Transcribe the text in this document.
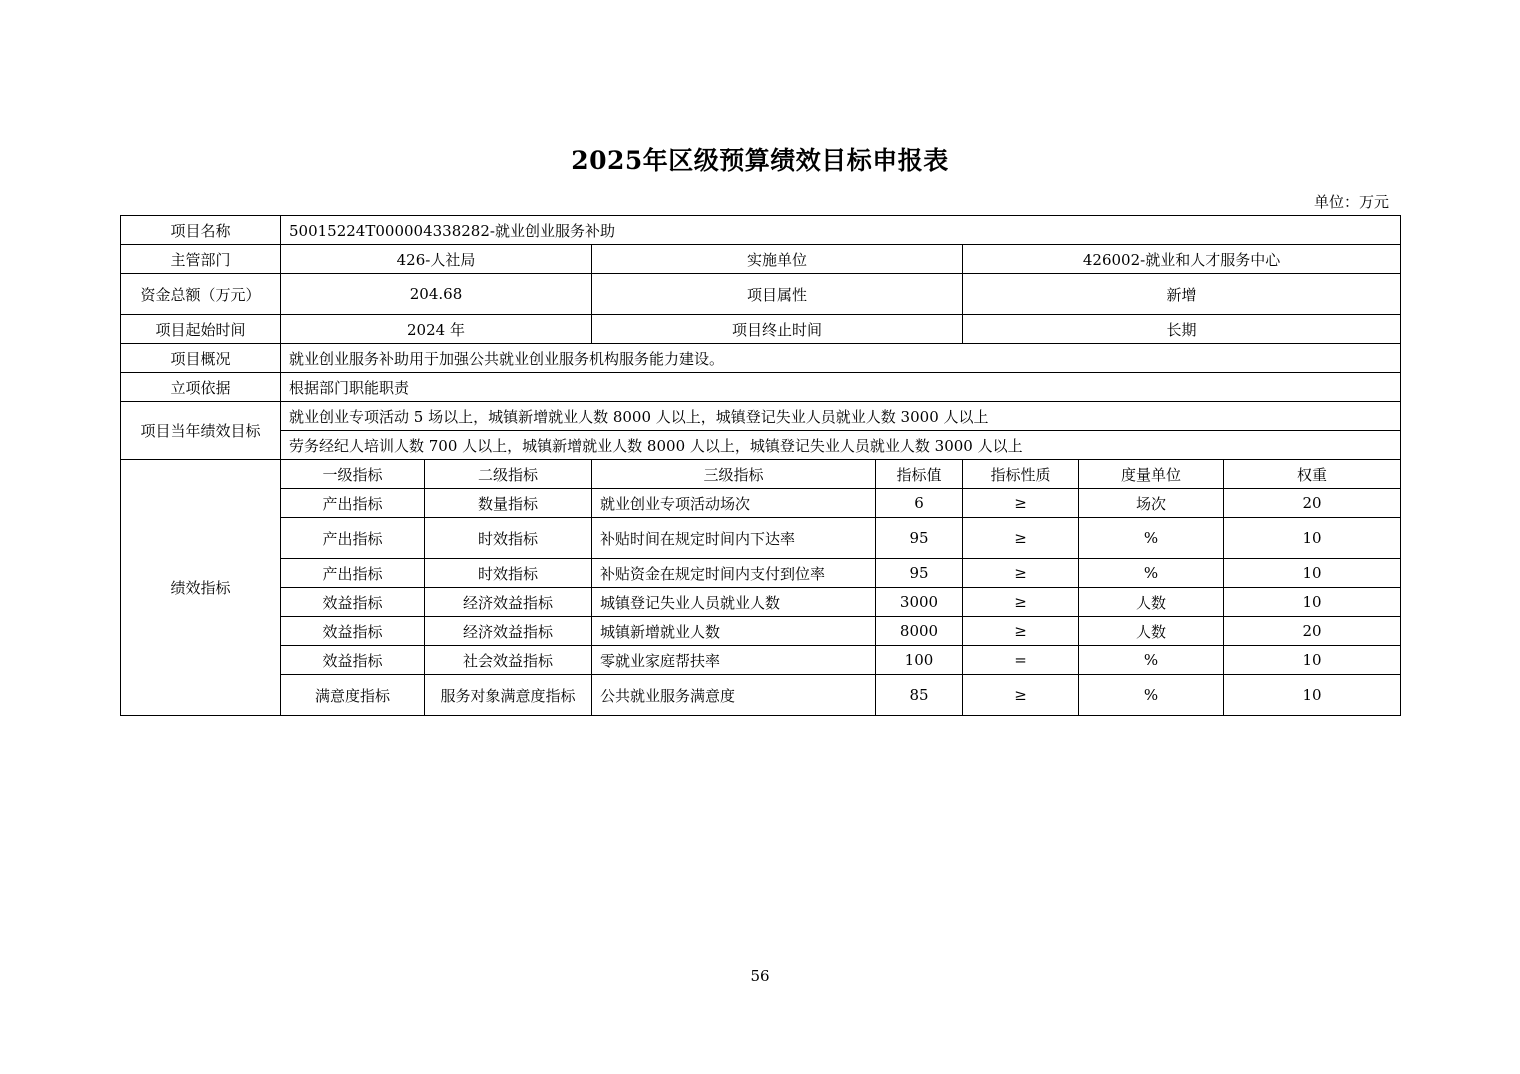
2025年区级预算绩效目标申报表
单位：万元
项目名称	50015224T000004338282-就业创业服务补助						
主管部门	426-人社局		实施单位		426002-就业和人才服务中心		
资金总额（万元）	204.68		项目属性		新增		
项目起始时间	2024 年		项目终止时间		长期		
项目概况	就业创业服务补助用于加强公共就业创业服务机构服务能力建设。						
立项依据	根据部门职能职责						
项目当年绩效目标	就业创业专项活动 5 场以上，城镇新增就业人数 8000 人以上，城镇登记失业人员就业人数 3000 人以上						
	劳务经纪人培训人数 700 人以上，城镇新增就业人数 8000 人以上，城镇登记失业人员就业人数 3000 人以上						
绩效指标	一级指标	二级指标	三级指标	指标值	指标性质	度量单位	权重
	产出指标	数量指标	就业创业专项活动场次	6	≥	场次	20
	产出指标	时效指标	补贴时间在规定时间内下达率	95	≥	%	10
	产出指标	时效指标	补贴资金在规定时间内支付到位率	95	≥	%	10
	效益指标	经济效益指标	城镇登记失业人员就业人数	3000	≥	人数	10
	效益指标	经济效益指标	城镇新增就业人数	8000	≥	人数	20
	效益指标	社会效益指标	零就业家庭帮扶率	100	=	%	10
	满意度指标	服务对象满意度指标	公共就业服务满意度	85	≥	%	10
56
